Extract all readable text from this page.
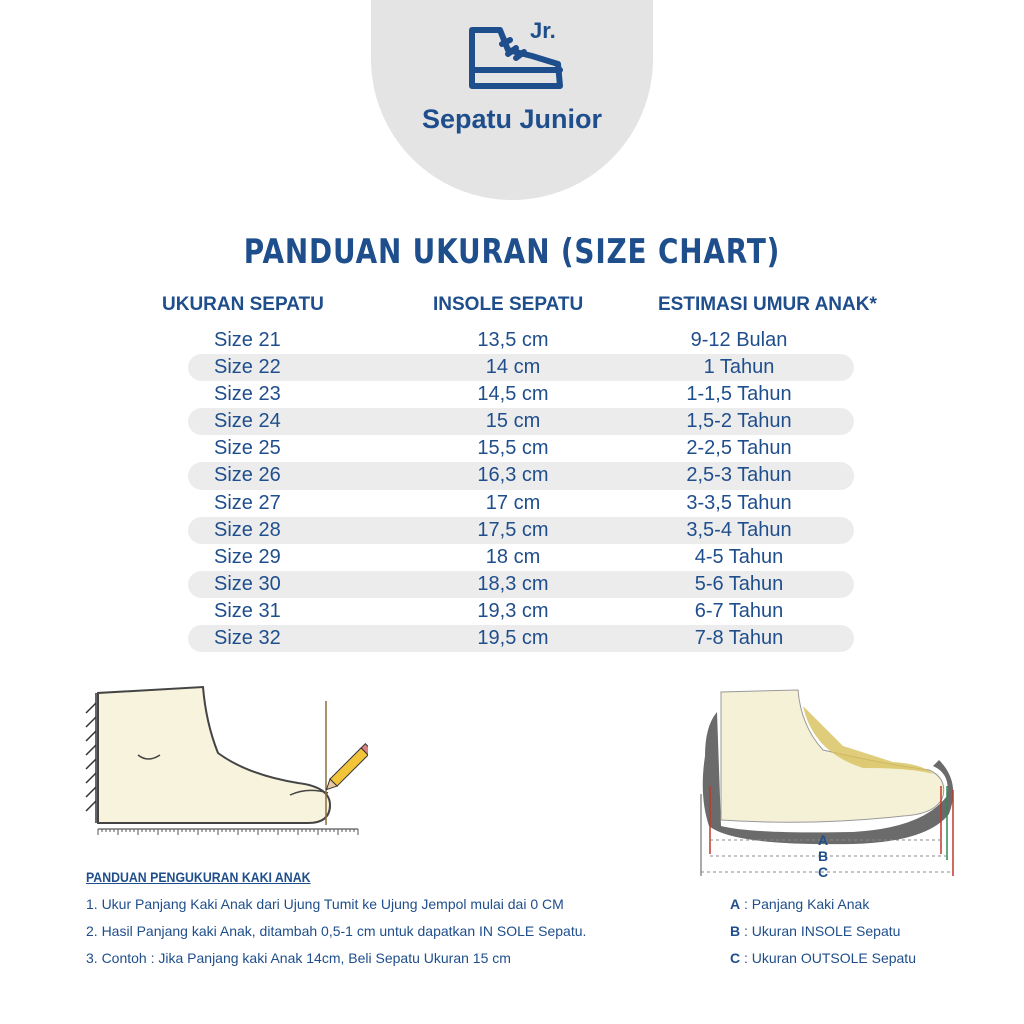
Jr.
Sepatu Junior
PANDUAN UKURAN (SIZE CHART)
UKURAN SEPATU	INSOLE SEPATU	ESTIMASI UMUR ANAK*
Size 21	13,5 cm	9-12 Bulan
Size 22	14 cm	1 Tahun
Size 23	14,5 cm	1-1,5 Tahun
Size 24	15 cm	1,5-2 Tahun
Size 25	15,5 cm	2-2,5 Tahun
Size 26	16,3 cm	2,5-3 Tahun
Size 27	17 cm	3-3,5 Tahun
Size 28	17,5 cm	3,5-4 Tahun
Size 29	18 cm	4-5 Tahun
Size 30	18,3 cm	5-6 Tahun
Size 31	19,3 cm	6-7 Tahun
Size 32	19,5 cm	7-8 Tahun
A
B
C
PANDUAN PENGUKURAN KAKI ANAK
1. Ukur Panjang Kaki Anak dari Ujung Tumit ke Ujung Jempol mulai dai 0 CM
2. Hasil Panjang kaki Anak, ditambah 0,5-1 cm untuk dapatkan IN SOLE Sepatu.
3. Contoh : Jika Panjang kaki Anak 14cm, Beli Sepatu Ukuran 15 cm
A : Panjang Kaki Anak
B : Ukuran INSOLE Sepatu
C : Ukuran OUTSOLE Sepatu
